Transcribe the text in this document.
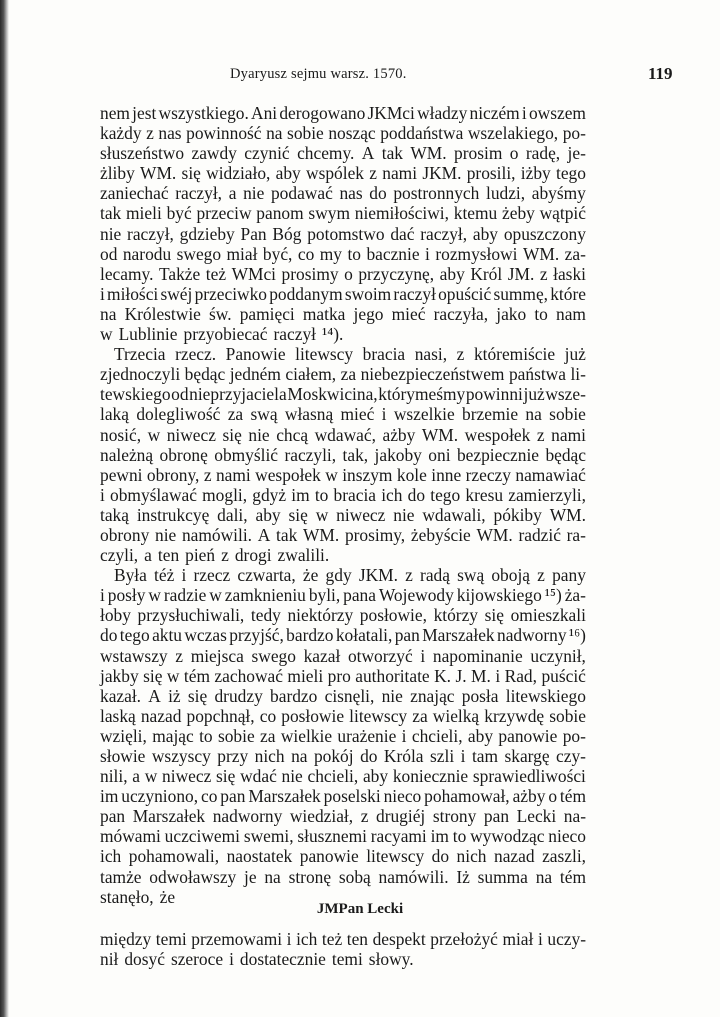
Dyaryusz sejmu warsz. 1570.	119
nem jest wszystkiego. Ani derogowano JKMci władzy niczém i owszem
każdy z nas powinność na sobie nosząc poddaństwa wszelakiego, po-
słuszeństwo zawdy czynić chcemy. A tak WM. prosim o radę, je-
żliby WM. się widziało, aby wspólek z nami JKM. prosili, iżby tego
zaniechać raczył, a nie podawać nas do postronnych ludzi, abyśmy
tak mieli być przeciw panom swym niemiłościwi, ktemu żeby wątpić
nie raczył, gdzieby Pan Bóg potomstwo dać raczył, aby opuszczony
od narodu swego miał być, co my to bacznie i rozmysłowi WM. za-
lecamy. Także też WMci prosimy o przyczynę, aby Król JM. z łaski
i miłości swéj przeciwko poddanym swoim raczył opuścić summę, które
na Królestwie św. pamięci matka jego mieć raczyła, jako to nam
w Lublinie przyobiecać raczył ¹⁴).
Trzecia rzecz. Panowie litewscy bracia nasi, z któremiście już
zjednoczyli będąc jedném ciałem, za niebezpieczeństwem państwa li-
tewskiego od nieprzyjaciela Moskwicina, którymeśmy powinni już wsze-
laką dolegliwość za swą własną mieć i wszelkie brzemie na sobie
nosić, w niwecz się nie chcą wdawać, ażby WM. wespołek z nami
należną obronę obmyślić raczyli, tak, jakoby oni bezpiecznie będąc
pewni obrony, z nami wespołek w inszym kole inne rzeczy namawiać
i obmyślawać mogli, gdyż im to bracia ich do tego kresu zamierzyli,
taką instrukcyę dali, aby się w niwecz nie wdawali, pókiby WM.
obrony nie namówili. A tak WM. prosimy, żebyście WM. radzić ra-
czyli, a ten pień z drogi zwalili.
Była téż i rzecz czwarta, że gdy JKM. z radą swą obоją z pany
i posły w radzie w zamknieniu byli, pana Wojewody kijowskiego ¹⁵) ża-
łoby przysłuchiwali, tedy niektórzy posłowie, którzy się omieszkali
do tego aktu wczas przyjść, bardzo kołatali, pan Marszałek nadworny ¹⁶)
wstawszy z miejsca swego kazał otworzyć i napominanie uczynił,
jakby się w tém zachować mieli pro authoritate K. J. M. i Rad, puścić
kazał. A iż się drudzy bardzo cisnęli, nie znając posła litewskiego
laską nazad popchnął, co posłowie litewscy za wielką krzywdę sobie
wzięli, mając to sobie za wielkie urażenie i chcieli, aby panowie po-
słowie wszyscy przy nich na pokój do Króla szli i tam skargę czy-
nili, a w niwecz się wdać nie chcieli, aby koniecznie sprawiedliwości
im uczyniono, co pan Marszałek poselski nieco pohamował, ażby o tém
pan Marszałek nadworny wiedział, z drugiéj strony pan Lecki na-
mówami uczciwemi swemi, słusznemi racyami im to wywodząc nieco
ich pohamowali, naostatek panowie litewscy do nich nazad zaszli,
tamże odwoławszy je na stronę sobą namówili. Iż summa na tém
stanęło, że
JMPan Lecki
między temi przemowami i ich też ten despekt przełożyć miał i uczy-
nił dosyć szeroce i dostatecznie temi słowy.
